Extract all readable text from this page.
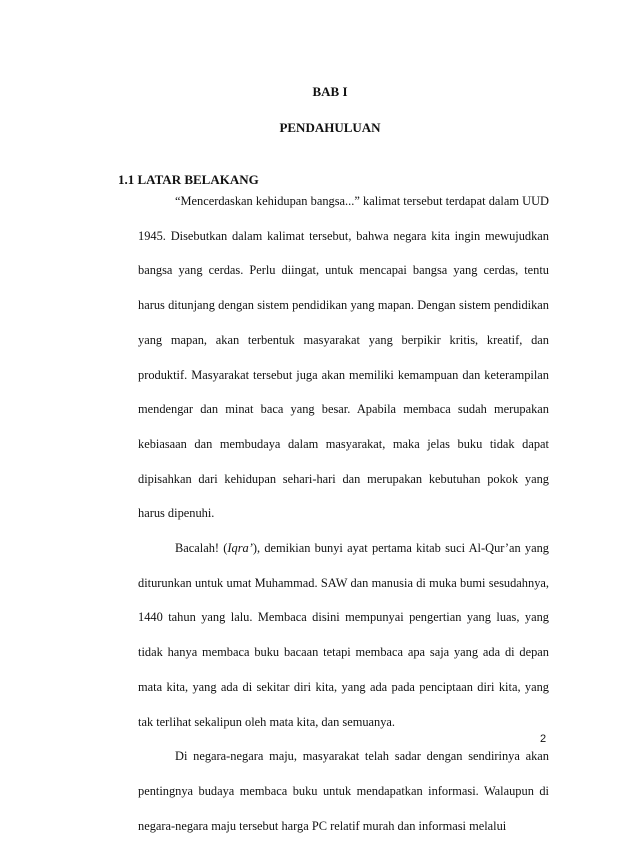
BAB I
PENDAHULUAN
1.1 LATAR BELAKANG

“Mencerdaskan kehidupan bangsa...” kalimat tersebut terdapat dalam UUD 1945. Disebutkan dalam kalimat tersebut, bahwa negara kita ingin mewujudkan bangsa yang cerdas. Perlu diingat, untuk mencapai bangsa yang cerdas, tentu harus ditunjang dengan sistem pendidikan yang mapan. Dengan sistem pendidikan yang mapan, akan terbentuk masyarakat yang berpikir kritis, kreatif, dan produktif. Masyarakat tersebut juga akan memiliki kemampuan dan keterampilan mendengar dan minat baca yang besar. Apabila membaca sudah merupakan kebiasaan dan membudaya dalam masyarakat, maka jelas buku tidak dapat dipisahkan dari kehidupan sehari-hari dan merupakan kebutuhan pokok yang harus dipenuhi.

Bacalah! (Iqra’), demikian bunyi ayat pertama kitab suci Al-Qur’an yang diturunkan untuk umat Muhammad. SAW dan manusia di muka bumi sesudahnya, 1440 tahun yang lalu. Membaca disini mempunyai pengertian yang luas, yang tidak hanya membaca buku bacaan tetapi membaca apa saja yang ada di depan mata kita, yang ada di sekitar diri kita, yang ada pada penciptaan diri kita, yang tak terlihat sekalipun oleh mata kita, dan semuanya.

Di negara-negara maju, masyarakat telah sadar dengan sendirinya akan pentingnya budaya membaca buku untuk mendapatkan informasi. Walaupun di negara-negara maju tersebut harga PC relatif murah dan informasi melalui

2
